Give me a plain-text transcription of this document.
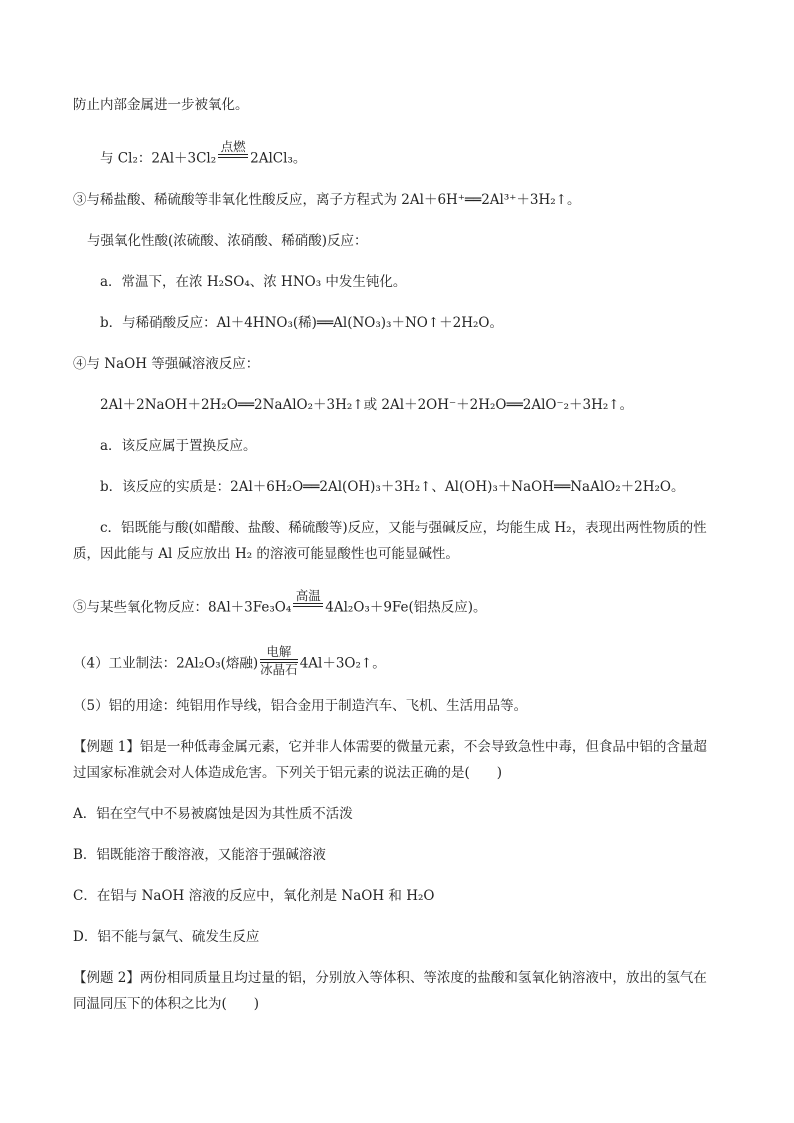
防止内部金属进一步被氧化。
与 Cl₂：2Al＋3Cl₂
点燃
2AlCl₃。
③与稀盐酸、稀硫酸等非氧化性酸反应，离子方程式为 2Al＋6H⁺══2Al³⁺＋3H₂↑。
与强氧化性酸(浓硫酸、浓硝酸、稀硝酸)反应：
a．常温下，在浓 H₂SO₄、浓 HNO₃ 中发生钝化。
b．与稀硝酸反应：Al＋4HNO₃(稀)══Al(NO₃)₃＋NO↑＋2H₂O。
④与 NaOH 等强碱溶液反应：
2Al＋2NaOH＋2H₂O══2NaAlO₂＋3H₂↑或 2Al＋2OH⁻＋2H₂O══2AlO⁻₂＋3H₂↑。
a．该反应属于置换反应。
b．该反应的实质是：2Al＋6H₂O══2Al(OH)₃＋3H₂↑、Al(OH)₃＋NaOH══NaAlO₂＋2H₂O。
c．铝既能与酸(如醋酸、盐酸、稀硫酸等)反应，又能与强碱反应，均能生成 H₂，表现出两性物质的性
质，因此能与 Al 反应放出 H₂ 的溶液可能显酸性也可能显碱性。
⑤与某些氧化物反应：8Al＋3Fe₃O₄
高温
4Al₂O₃＋9Fe(铝热反应)。
（4）工业制法：2Al₂O₃(熔融)
电解
冰晶石 4Al＋3O₂↑。
（5）铝的用途：纯铝用作导线，铝合金用于制造汽车、飞机、生活用品等。
【例题 1】铝是一种低毒金属元素，它并非人体需要的微量元素，不会导致急性中毒，但食品中铝的含量超
过国家标准就会对人体造成危害。下列关于铝元素的说法正确的是(　　)
A．铝在空气中不易被腐蚀是因为其性质不活泼
B．铝既能溶于酸溶液，又能溶于强碱溶液
C．在铝与 NaOH 溶液的反应中，氧化剂是 NaOH 和 H₂O
D．铝不能与氯气、硫发生反应
【例题 2】两份相同质量且均过量的铝，分别放入等体积、等浓度的盐酸和氢氧化钠溶液中，放出的氢气在
同温同压下的体积之比为(　　)
